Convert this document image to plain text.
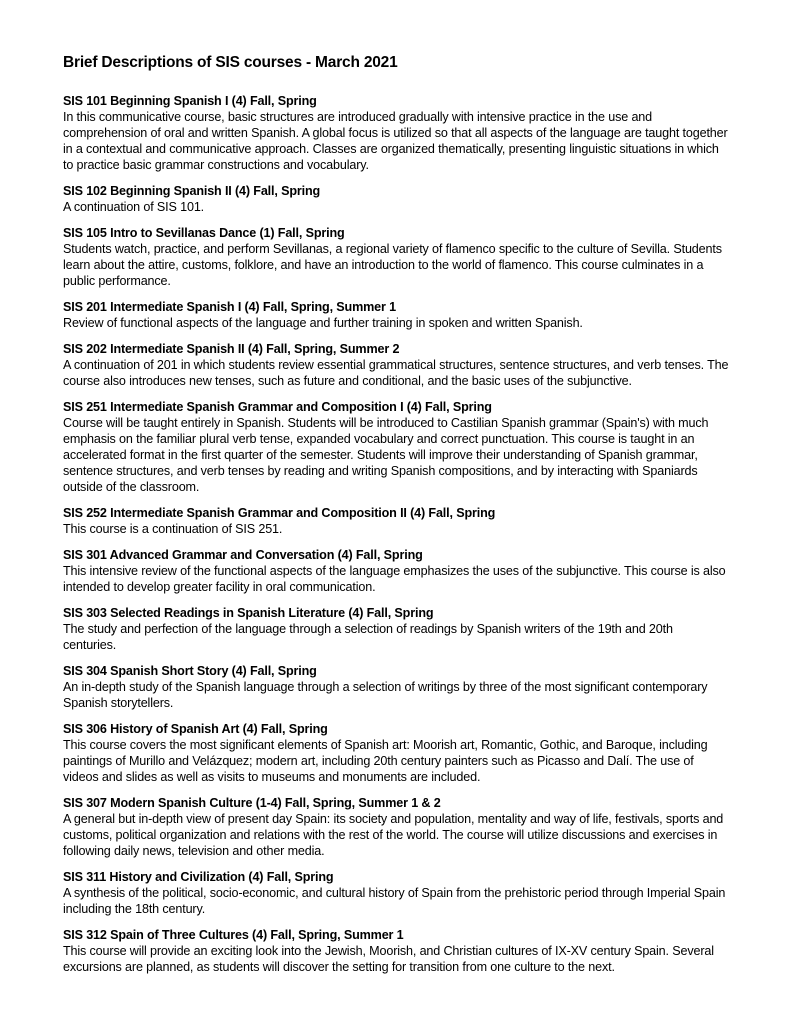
Brief Descriptions of SIS courses - March 2021
SIS 101 Beginning Spanish I (4) Fall, Spring

In this communicative course, basic structures are introduced gradually with intensive practice in the use and comprehension of oral and written Spanish. A global focus is utilized so that all aspects of the language are taught together in a contextual and communicative approach. Classes are organized thematically, presenting linguistic situations in which to practice basic grammar constructions and vocabulary.

SIS 102 Beginning Spanish II (4) Fall, Spring

A continuation of SIS 101.

SIS 105 Intro to Sevillanas Dance (1) Fall, Spring

Students watch, practice, and perform Sevillanas, a regional variety of flamenco specific to the culture of Sevilla. Students learn about the attire, customs, folklore, and have an introduction to the world of flamenco. This course culminates in a public performance.

SIS 201 Intermediate Spanish I (4) Fall, Spring, Summer 1

Review of functional aspects of the language and further training in spoken and written Spanish.

SIS 202 Intermediate Spanish II (4) Fall, Spring, Summer 2

A continuation of 201 in which students review essential grammatical structures, sentence structures, and verb tenses. The course also introduces new tenses, such as future and conditional, and the basic uses of the subjunctive.

SIS 251 Intermediate Spanish Grammar and Composition I (4) Fall, Spring

Course will be taught entirely in Spanish. Students will be introduced to Castilian Spanish grammar (Spain's) with much emphasis on the familiar plural verb tense, expanded vocabulary and correct punctuation. This course is taught in an accelerated format in the first quarter of the semester. Students will improve their understanding of Spanish grammar, sentence structures, and verb tenses by reading and writing Spanish compositions, and by interacting with Spaniards outside of the classroom.

SIS 252 Intermediate Spanish Grammar and Composition II (4) Fall, Spring

This course is a continuation of SIS 251.

SIS 301 Advanced Grammar and Conversation (4) Fall, Spring

This intensive review of the functional aspects of the language emphasizes the uses of the subjunctive. This course is also intended to develop greater facility in oral communication.

SIS 303 Selected Readings in Spanish Literature (4) Fall, Spring

The study and perfection of the language through a selection of readings by Spanish writers of the 19th and 20th centuries.

SIS 304 Spanish Short Story (4) Fall, Spring

An in-depth study of the Spanish language through a selection of writings by three of the most significant contemporary Spanish storytellers.

SIS 306 History of Spanish Art (4) Fall, Spring

This course covers the most significant elements of Spanish art: Moorish art, Romantic, Gothic, and Baroque, including paintings of Murillo and Velázquez; modern art, including 20th century painters such as Picasso and Dalí. The use of videos and slides as well as visits to museums and monuments are included.

SIS 307 Modern Spanish Culture (1-4) Fall, Spring, Summer 1 & 2

A general but in-depth view of present day Spain: its society and population, mentality and way of life, festivals, sports and customs, political organization and relations with the rest of the world. The course will utilize discussions and exercises in following daily news, television and other media.

SIS 311 History and Civilization (4) Fall, Spring

A synthesis of the political, socio-economic, and cultural history of Spain from the prehistoric period through Imperial Spain including the 18th century.

SIS 312 Spain of Three Cultures (4) Fall, Spring, Summer 1

This course will provide an exciting look into the Jewish, Moorish, and Christian cultures of IX-XV century Spain. Several excursions are planned, as students will discover the setting for transition from one culture to the next.
